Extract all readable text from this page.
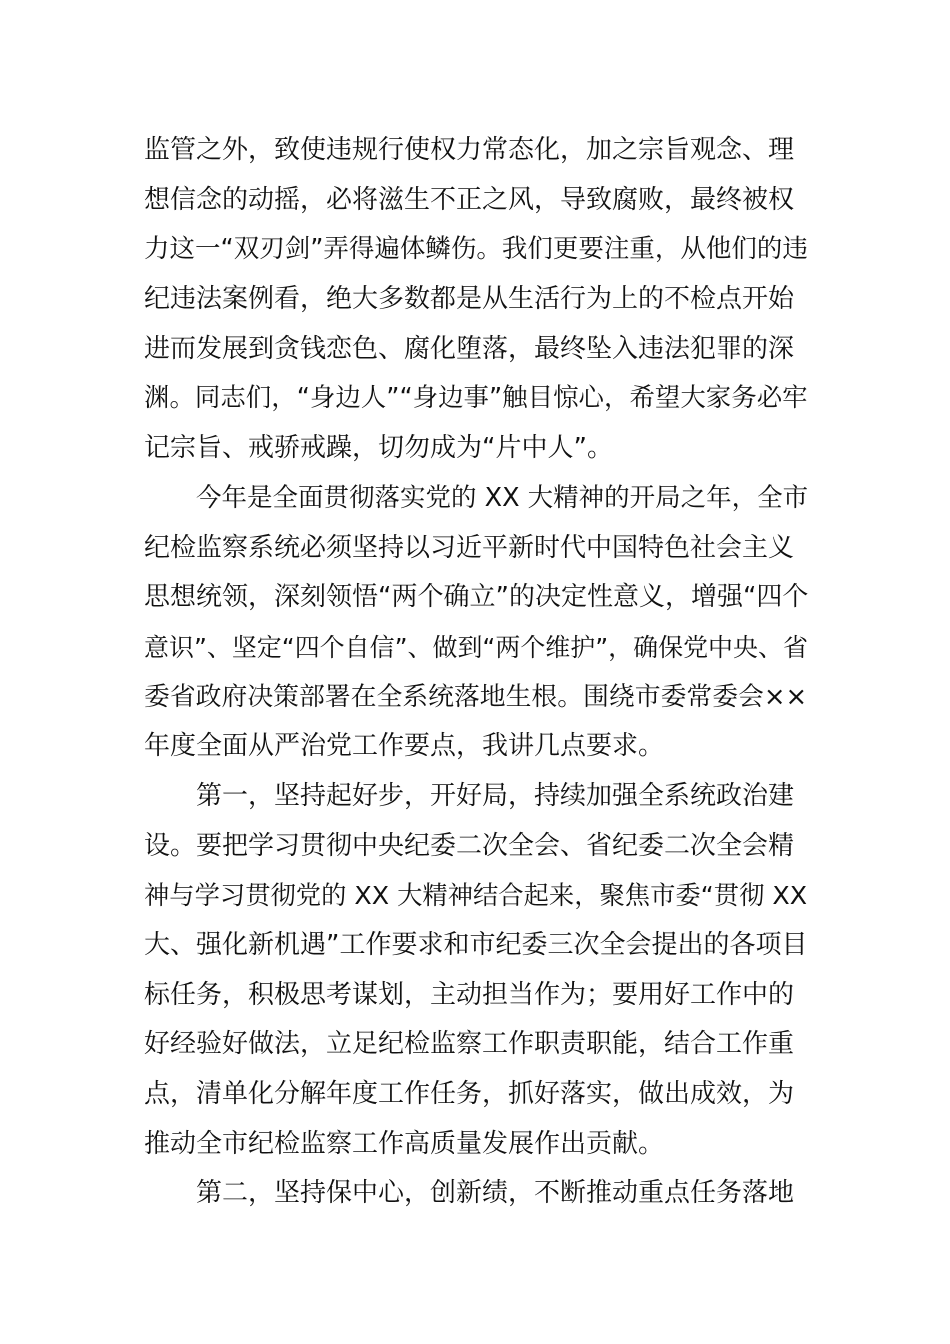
监管之外，致使违规行使权力常态化，加之宗旨观念、理
想信念的动摇，必将滋生不正之风，导致腐败，最终被权
力这一“双刃剑”弄得遍体鳞伤。我们更要注重，从他们的违
纪违法案例看，绝大多数都是从生活行为上的不检点开始
进而发展到贪钱恋色、腐化堕落，最终坠入违法犯罪的深
渊。同志们，“身边人”“身边事”触目惊心，希望大家务必牢
记宗旨、戒骄戒躁，切勿成为“片中人”。
今年是全面贯彻落实党的 XX 大精神的开局之年，全市
纪检监察系统必须坚持以习近平新时代中国特色社会主义
思想统领，深刻领悟“两个确立”的决定性意义，增强“四个
意识”、坚定“四个自信”、做到“两个维护”，确保党中央、省
委省政府决策部署在全系统落地生根。围绕市委常委会××
年度全面从严治党工作要点，我讲几点要求。
第一，坚持起好步，开好局，持续加强全系统政治建
设。要把学习贯彻中央纪委二次全会、省纪委二次全会精
神与学习贯彻党的 XX 大精神结合起来，聚焦市委“贯彻 XX
大、强化新机遇”工作要求和市纪委三次全会提出的各项目
标任务，积极思考谋划，主动担当作为；要用好工作中的
好经验好做法，立足纪检监察工作职责职能，结合工作重
点，清单化分解年度工作任务，抓好落实，做出成效，为
推动全市纪检监察工作高质量发展作出贡献。
第二，坚持保中心，创新绩，不断推动重点任务落地
